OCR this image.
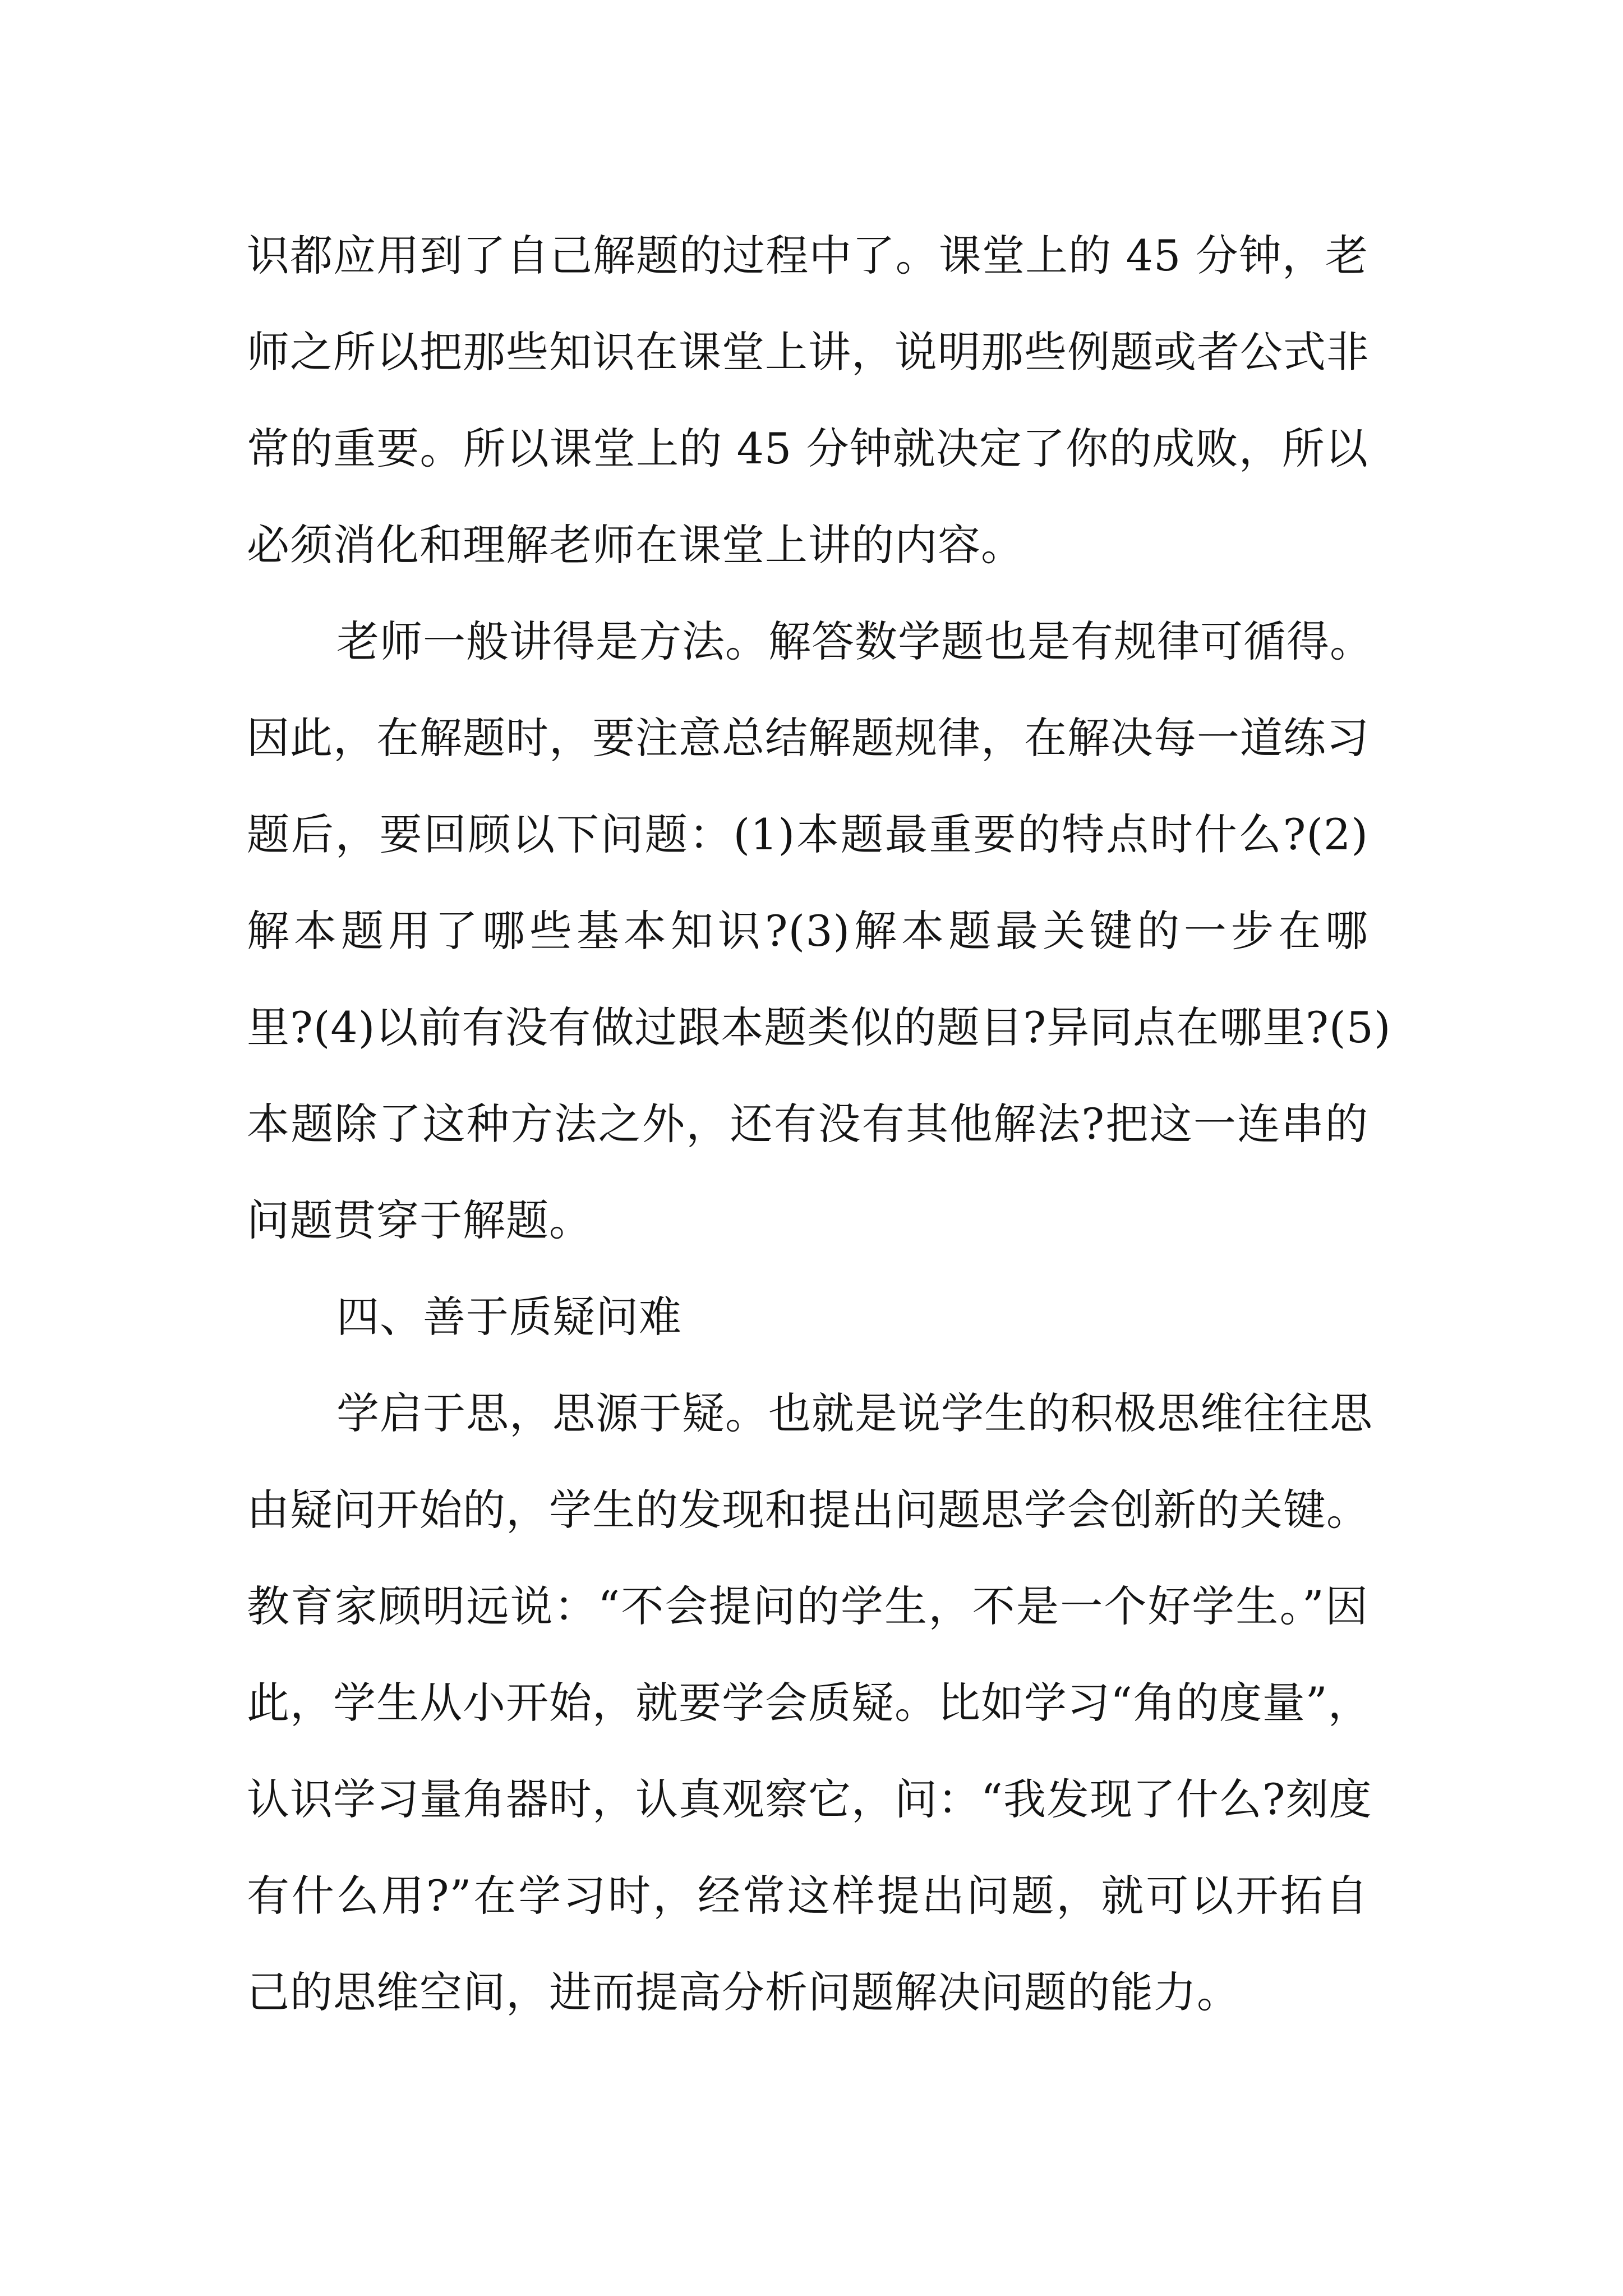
识都应用到了自己解题的过程中了。课堂上的 45 分钟，老
师之所以把那些知识在课堂上讲，说明那些例题或者公式非
常的重要。所以课堂上的 45 分钟就决定了你的成败，所以
必须消化和理解老师在课堂上讲的内容。
老师一般讲得是方法。解答数学题也是有规律可循得。
因此，在解题时，要注意总结解题规律，在解决每一道练习
题后，要回顾以下问题：(1)本题最重要的特点时什么?(2)
解本题用了哪些基本知识?(3)解本题最关键的一步在哪
里?(4)以前有没有做过跟本题类似的题目?异同点在哪里?(5)
本题除了这种方法之外，还有没有其他解法?把这一连串的
问题贯穿于解题。
四、善于质疑问难
学启于思，思源于疑。也就是说学生的积极思维往往思
由疑问开始的，学生的发现和提出问题思学会创新的关键。
教育家顾明远说：“不会提问的学生，不是一个好学生。”因
此，学生从小开始，就要学会质疑。比如学习“角的度量”，
认识学习量角器时，认真观察它，问：“我发现了什么?刻度
有什么用?”在学习时，经常这样提出问题，就可以开拓自
己的思维空间，进而提高分析问题解决问题的能力。
